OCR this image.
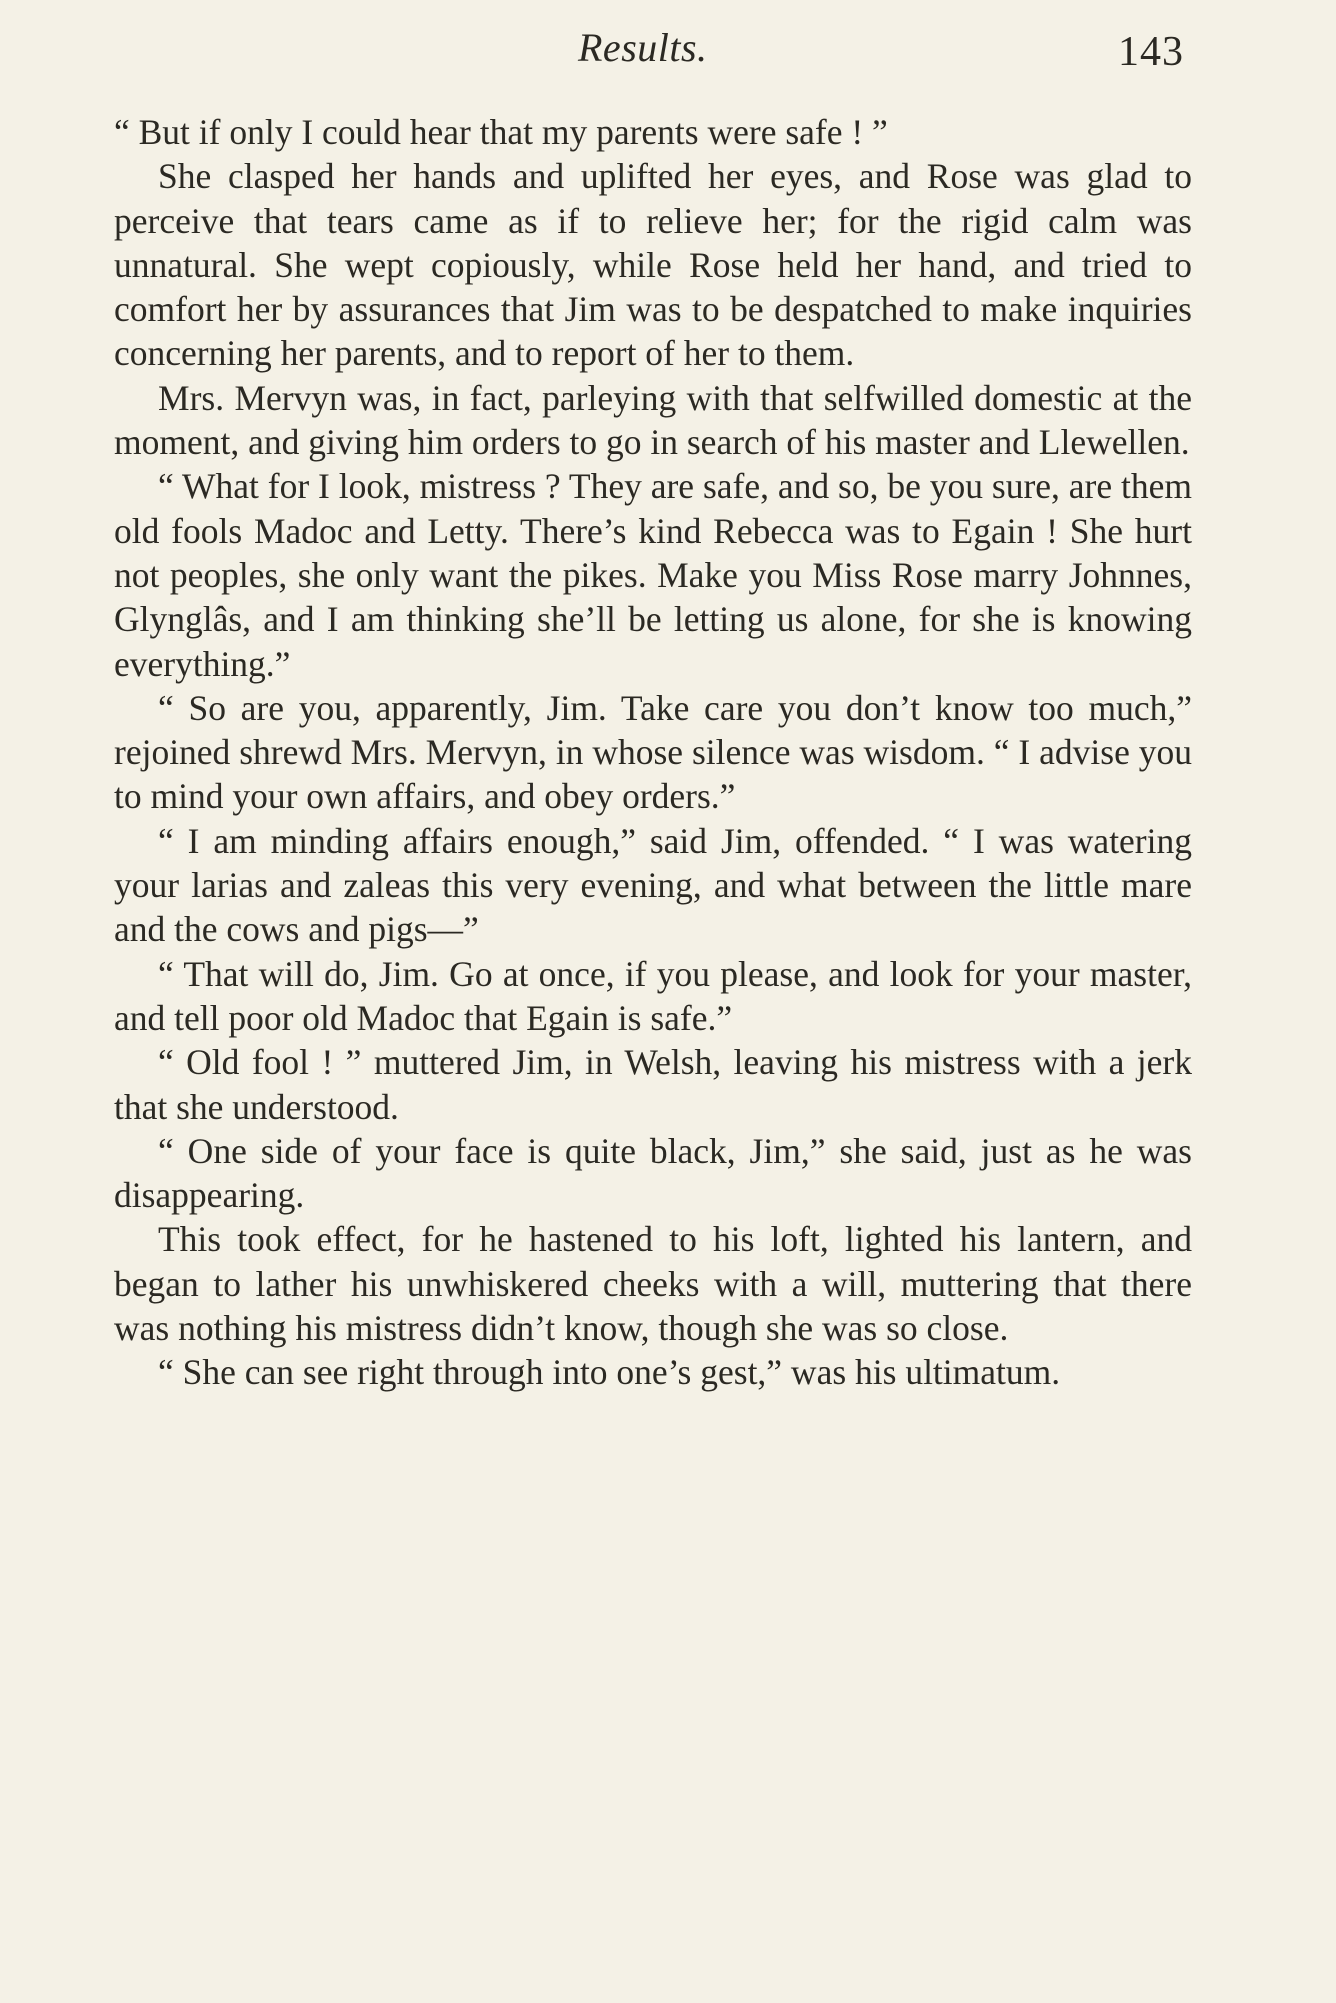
Results.	143

“ But if only I could hear that my parents were safe ! ”

She clasped her hands and uplifted her eyes, and Rose was glad to perceive that tears came as if to relieve her; for the rigid calm was unnatural. She wept copiously, while Rose held her hand, and tried to comfort her by assurances that Jim was to be despatched to make inquiries concerning her parents, and to report of her to them.

Mrs. Mervyn was, in fact, parleying with that selfwilled domestic at the moment, and giving him orders to go in search of his master and Llewellen.

“ What for I look, mistress ? They are safe, and so, be you sure, are them old fools Madoc and Letty. There’s kind Rebecca was to Egain ! She hurt not peoples, she only want the pikes. Make you Miss Rose marry Johnnes, Glynglâs, and I am thinking she’ll be letting us alone, for she is knowing everything.”

“ So are you, apparently, Jim. Take care you don’t know too much,” rejoined shrewd Mrs. Mervyn, in whose silence was wisdom. “ I advise you to mind your own affairs, and obey orders.”

“ I am minding affairs enough,” said Jim, offended. “ I was watering your larias and zaleas this very evening, and what between the little mare and the cows and pigs—”

“ That will do, Jim. Go at once, if you please, and look for your master, and tell poor old Madoc that Egain is safe.”

“ Old fool ! ” muttered Jim, in Welsh, leaving his mistress with a jerk that she understood.

“ One side of your face is quite black, Jim,” she said, just as he was disappearing.

This took effect, for he hastened to his loft, lighted his lantern, and began to lather his unwhiskered cheeks with a will, muttering that there was nothing his mistress didn’t know, though she was so close.

“ She can see right through into one’s gest,” was his ultimatum.
